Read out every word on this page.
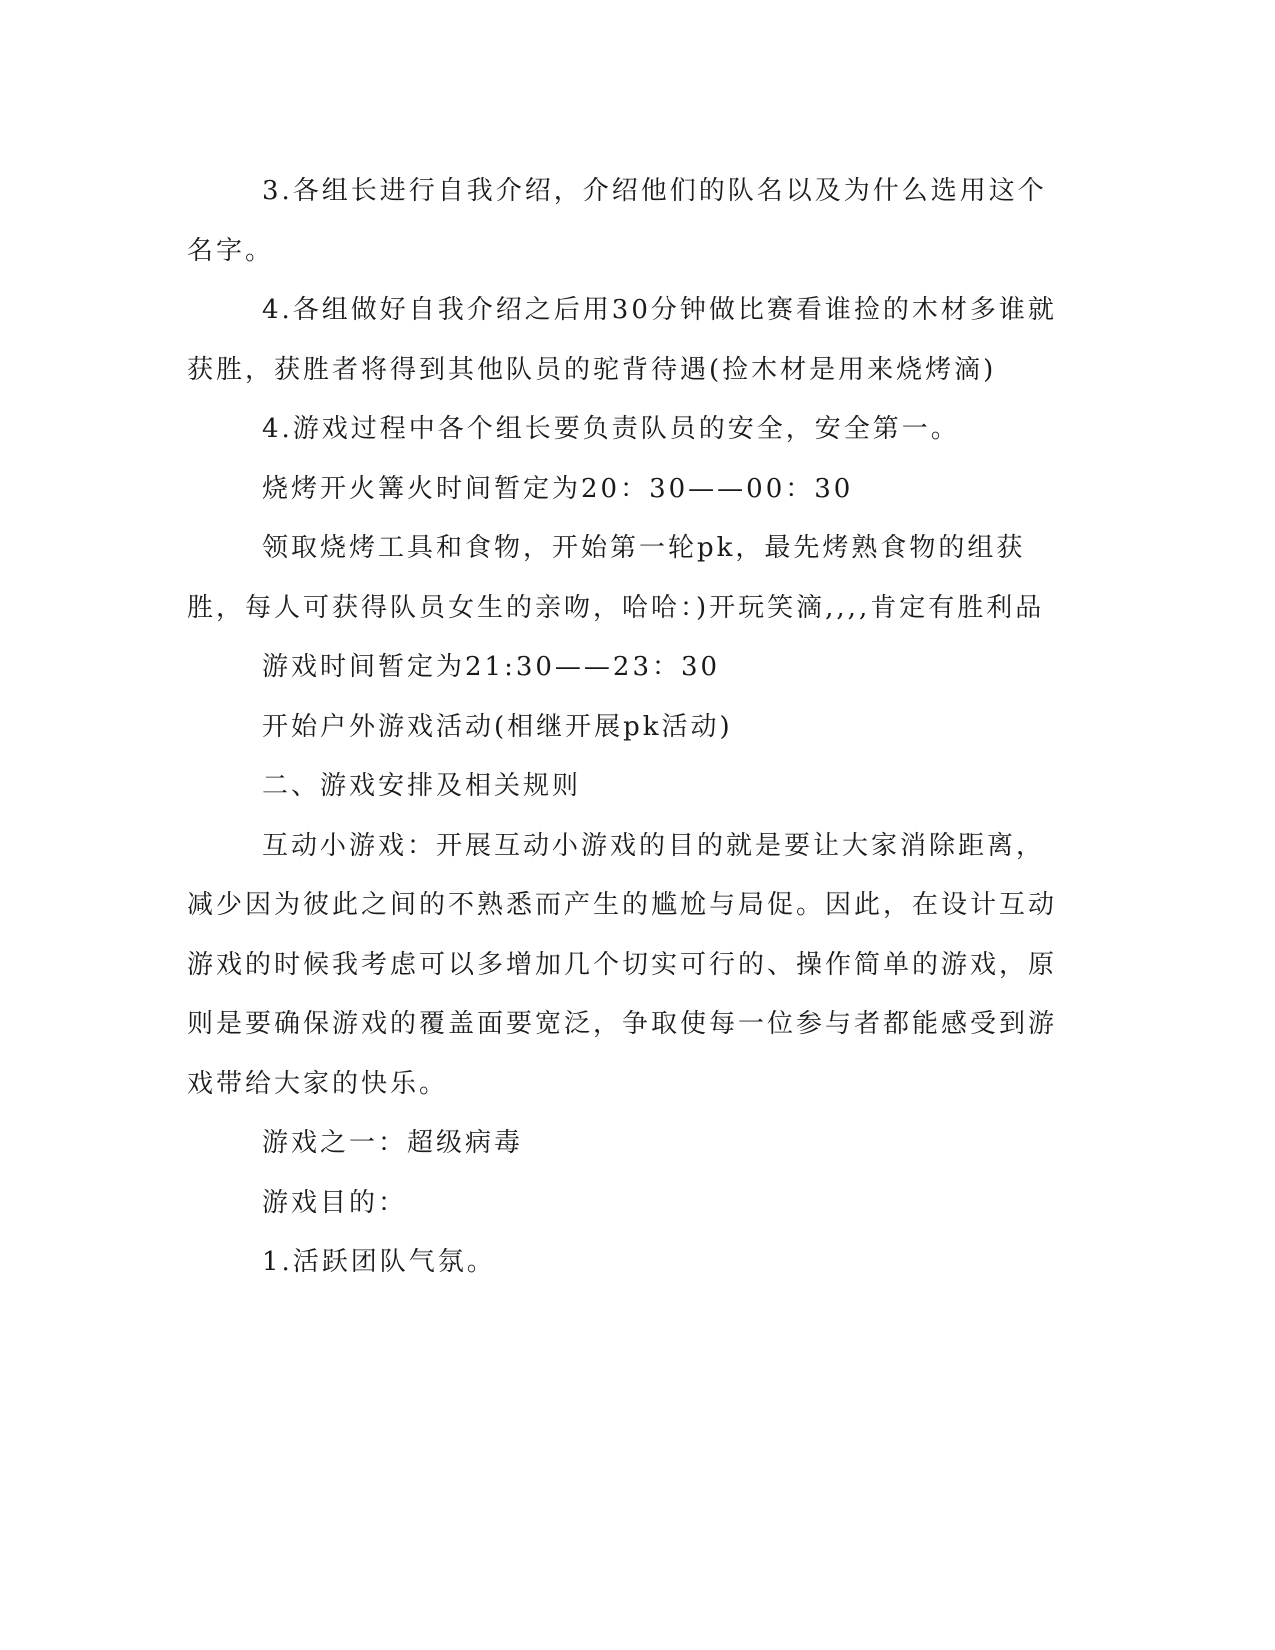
3.各组长进行自我介绍，介绍他们的队名以及为什么选用这个名字。

4.各组做好自我介绍之后用30分钟做比赛看谁捡的木材多谁就获胜，获胜者将得到其他队员的驼背待遇(捡木材是用来烧烤滴)

4.游戏过程中各个组长要负责队员的安全，安全第一。

烧烤开火篝火时间暂定为20：30——00：30

领取烧烤工具和食物，开始第一轮pk，最先烤熟食物的组获胜，每人可获得队员女生的亲吻，哈哈：)开玩笑滴,,,,肯定有胜利品

游戏时间暂定为21:30——23：30

开始户外游戏活动(相继开展pk活动)

二、游戏安排及相关规则

互动小游戏：开展互动小游戏的目的就是要让大家消除距离，减少因为彼此之间的不熟悉而产生的尴尬与局促。因此，在设计互动游戏的时候我考虑可以多增加几个切实可行的、操作简单的游戏，原则是要确保游戏的覆盖面要宽泛，争取使每一位参与者都能感受到游戏带给大家的快乐。

游戏之一：超级病毒

游戏目的：

1.活跃团队气氛。
